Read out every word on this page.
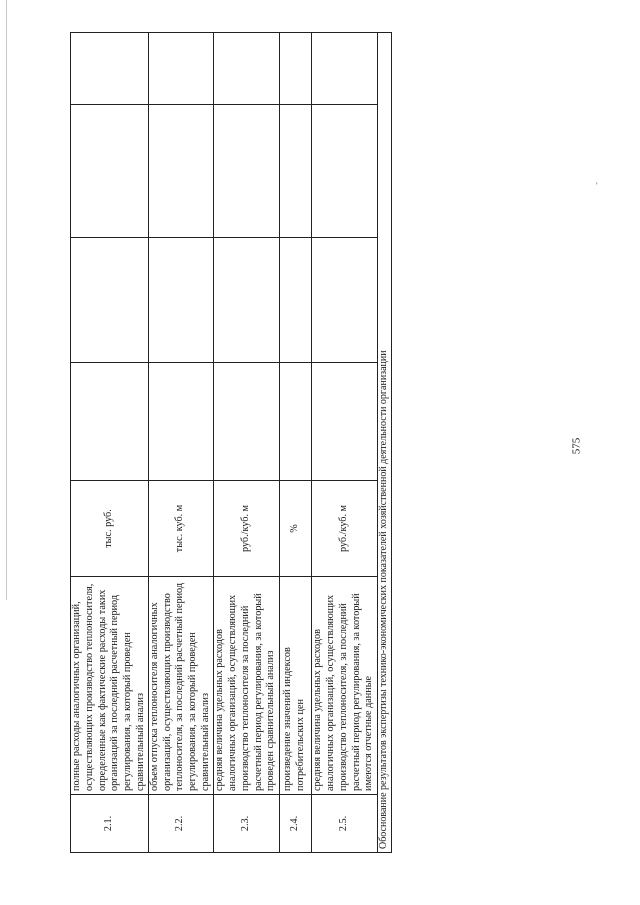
575
'
2.1.	полные расходы аналогичных организаций, осуществляющих производство теплоносителя, определенные как фактические расходы таких организаций за последний расчетный период регулирования, за который проведен сравнительный анализ	тыс. руб.				
2.2.	объем отпуска теплоносителя аналогичных организаций, осуществляющих производство теплоносителя, за последний расчетный период регулирования, за который проведен сравнительный анализ	тыс. куб. м				
2.3.	средняя величина удельных расходов аналогичных организаций, осуществляющих производство теплоносителя за последний расчетный период регулирования, за который проведен сравнительный анализ	руб./куб. м				
2.4.	произведение значений индексов потребительских цен	%				
2.5.	средняя величина удельных расходов аналогичных организаций, осуществляющих производство теплоносителя, за последний расчетный период регулирования, за который имеются отчетные данные	руб./куб. м				
Обоснование результатов экспертизы технико-экономических показателей хозяйственной деятельности организации						
